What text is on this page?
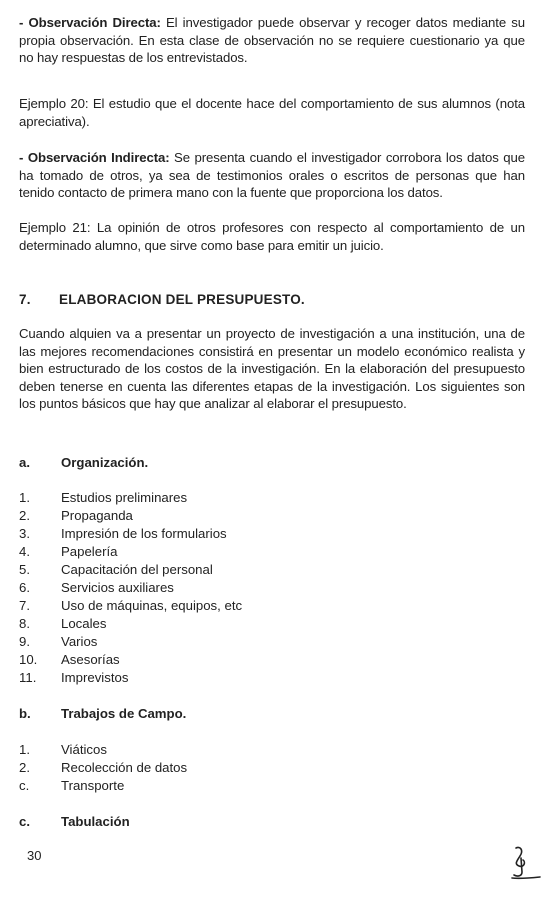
- Observación Directa: El investigador puede observar y recoger datos mediante su propia observación. En esta clase de observación no se requiere cuestionario ya que no hay respuestas de los entrevistados.

Ejemplo 20: El estudio que el docente hace del comportamiento de sus alumnos (nota apreciativa).

- Observación Indirecta: Se presenta cuando el investigador corrobora los datos que ha tomado de otros, ya sea de testimonios orales o escritos de personas que han tenido contacto de primera mano con la fuente que proporciona los datos.

Ejemplo 21: La opinión de otros profesores con respecto al comportamiento de un determinado alumno, que sirve como base para emitir un juicio.

7. ELABORACION DEL PRESUPUESTO.

Cuando alquien va a presentar un proyecto de investigación a una institución, una de las mejores recomendaciones consistirá en presentar un modelo económico realista y bien estructurado de los costos de la investigación. En la elaboración del presupuesto deben tenerse en cuenta las diferentes etapas de la investigación. Los siguientes son los puntos básicos que hay que analizar al elaborar el presupuesto.

a. Organización.
1. Estudios preliminares
2. Propaganda
3. Impresión de los formularios
4. Papelería
5. Capacitación del personal
6. Servicios auxiliares
7. Uso de máquinas, equipos, etc
8. Locales
9. Varios
10. Asesorías
11. Imprevistos
b. Trabajos de Campo.
1. Viáticos
2. Recolección de datos
c. Transporte
c. Tabulación
30
